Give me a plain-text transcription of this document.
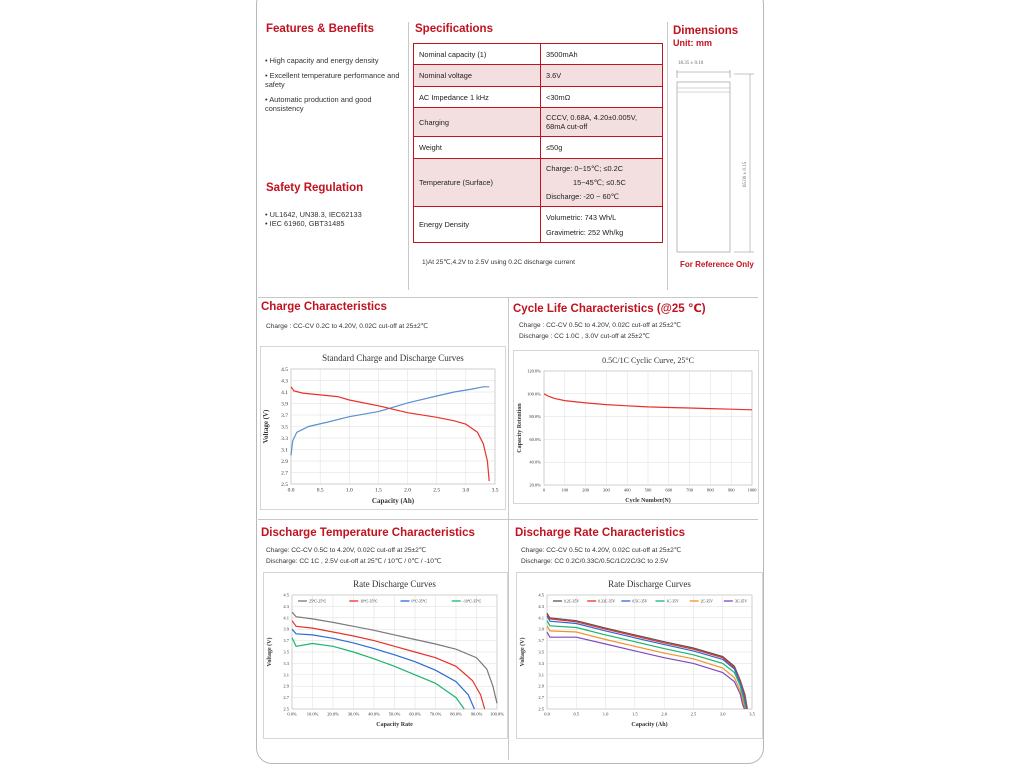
Features & Benefits
• High capacity and energy density
• Excellent temperature performance and safety
• Automatic production and good consistency
Safety Regulation
• UL1642, UN38.3, IEC62133
• IEC 61960, GBT31485
Specifications
Nominal capacity (1)	3500mAh
Nominal voltage	3.6V
AC Impedance 1 kHz	<30mΩ
Charging	CCCV, 0.68A, 4.20±0.005V,
68mA cut-off

Weight	≤50g
Temperature (Surface)	Charge: 0~15℃; ≤0.2C
15~45℃; ≤0.5C
Discharge: -20 ~ 60℃

Energy Density	Volumetric: 743 Wh/L
Gravimetric: 252 Wh/kg
1)At 25℃,4.2V to 2.5V using 0.2C discharge current
Dimensions
Unit: mm
18.35 ± 0.10
65.00 ± 0.15
For Reference Only
Charge Characteristics
Charge : CC-CV 0.2C to 4.20V, 0.02C cut-off at 25±2℃
Cycle Life Characteristics (@25 ℃)
Charge : CC-CV 0.5C to 4.20V, 0.02C cut-off at 25±2℃
Discharge : CC 1.0C , 3.0V cut-off at 25±2℃
Discharge Temperature Characteristics
Charge: CC-CV 0.5C to 4.20V, 0.02C cut-off at 25±2℃
Discharge: CC 1C , 2.5V cut-off at 25℃ / 10℃ / 0℃ / -10℃
Discharge Rate Characteristics
Charge: CC-CV 0.5C to 4.20V, 0.02C cut-off at 25±2℃
Discharge: CC 0.2C/0.33C/0.5C/1C/2C/3C to 2.5V
2.5
2.7
2.9
3.1
3.3
3.5
3.7
3.9
4.1
4.3
4.5
0.0	0.5	1.0	1.5	2.0	2.5	3.0	3.5
Standard Charge and Discharge Curves
Capacity (Ah)
Voltage (V)
20.0%
40.0%
60.0%
80.0%
100.0%
120.0%
0	100	200	300	400	500	600	700	800	900	1000
0.5C/1C Cyclic Curve, 25°C
Cycle Number(N)
Capacity Retention
2.5
2.7
2.9
3.1
3.3
3.5
3.7
3.9
4.1
4.3
4.5
0.0% 10.0% 20.0% 30.0% 40.0% 50.0% 60.0% 70.0% 80.0% 90.0% 100.0%
Rate Discharge Curves
Capacity Rate
Voltage (V)
25℃-25℃	10℃-35℃	0℃-35℃	-10℃-35℃
2.5
2.7
2.9
3.1
3.3
3.5
3.7
3.9
4.1
4.3
4.5
0.0	0.5	1.0	1.5	2.0	2.5	3.0	3.5
Rate Discharge Curves
Capacity (Ah)
Voltage (V)
0.2C-35V	0.33C-35V	0.5C-35V	1C-35V	2C-35V	3C-35V
